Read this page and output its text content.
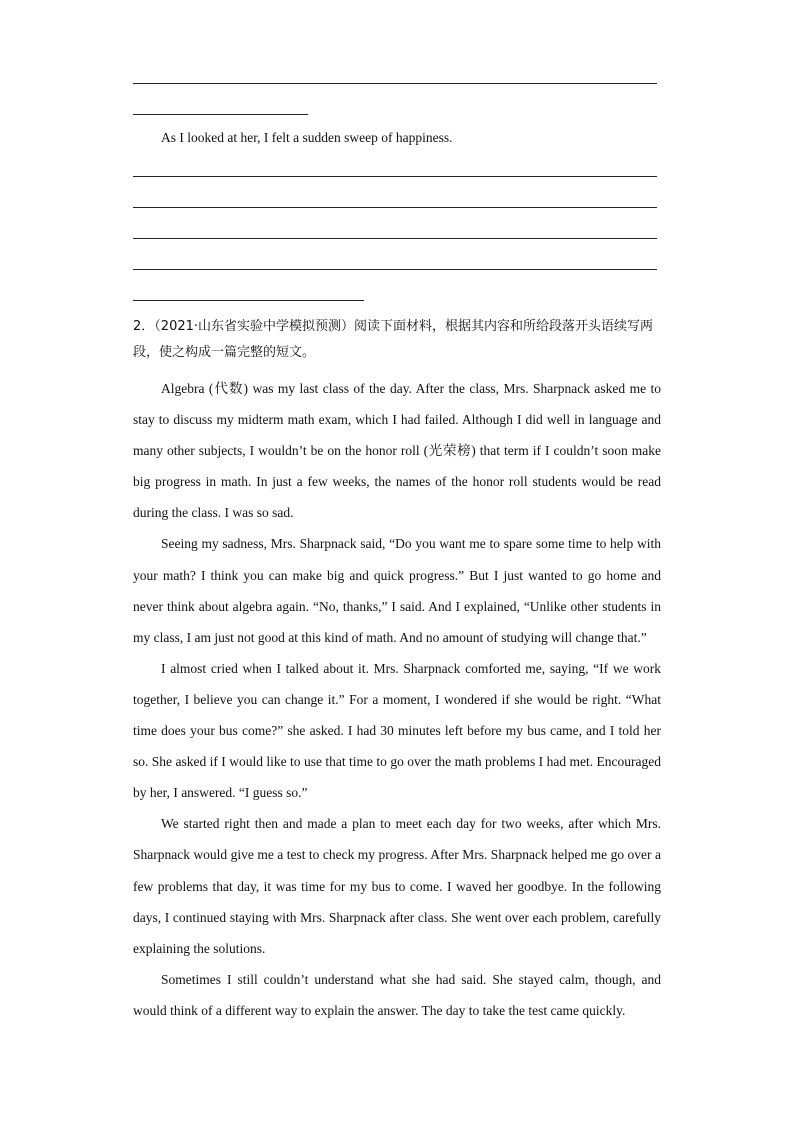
As I looked at her, I felt a sudden sweep of happiness.
2．（2021·山东省实验中学模拟预测）阅读下面材料，根据其内容和所给段落开头语续写两段，使之构成一篇完整的短文。

Algebra (代数) was my last class of the day. After the class, Mrs. Sharpnack asked me to stay to discuss my midterm math exam, which I had failed. Although I did well in language and many other subjects, I wouldn’t be on the honor roll (光荣榜) that term if I couldn’t soon make big progress in math. In just a few weeks, the names of the honor roll students would be read during the class. I was so sad.

Seeing my sadness, Mrs. Sharpnack said, “Do you want me to spare some time to help with your math? I think you can make big and quick progress.” But I just wanted to go home and never think about algebra again. “No, thanks,” I said. And I explained, “Unlike other students in my class, I am just not good at this kind of math. And no amount of studying will change that.”

I almost cried when I talked about it. Mrs. Sharpnack comforted me, saying, “If we work together, I believe you can change it.” For a moment, I wondered if she would be right. “What time does your bus come?” she asked. I had 30 minutes left before my bus came, and I told her so. She asked if I would like to use that time to go over the math problems I had met. Encouraged by her, I answered. “I guess so.”

We started right then and made a plan to meet each day for two weeks, after which Mrs. Sharpnack would give me a test to check my progress. After Mrs. Sharpnack helped me go over a few problems that day, it was time for my bus to come. I waved her goodbye. In the following days, I continued staying with Mrs. Sharpnack after class. She went over each problem, carefully explaining the solutions.

Sometimes I still couldn’t understand what she had said. She stayed calm, though, and would think of a different way to explain the answer. The day to take the test came quickly.
